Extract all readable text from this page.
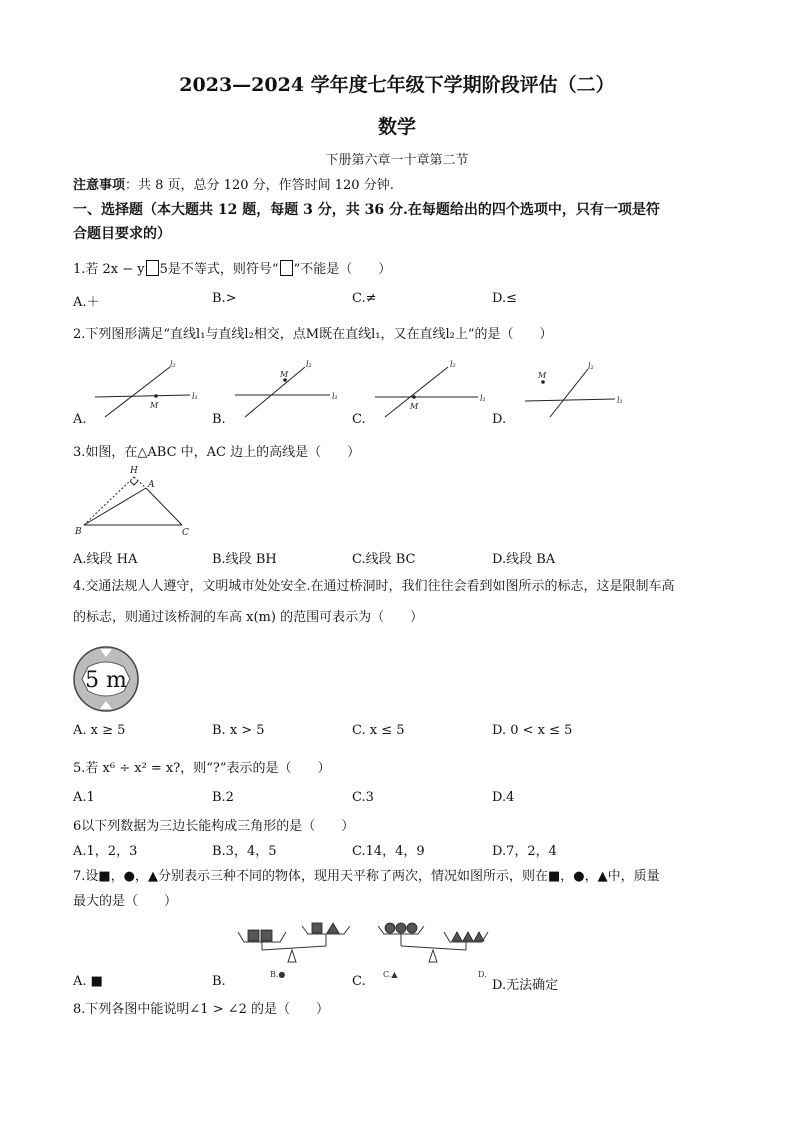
2023—2024 学年度七年级下学期阶段评估（二）
数学
下册第六章一十章第二节
注意事项：共 8 页，总分 120 分，作答时间 120 分钟.
一、选择题（本大题共 12 题，每题 3 分，共 36 分.在每题给出的四个选项中，只有一项是符
合题目要求的）
1.若 2x − y 5是不等式，则符号“ ”不能是（　　）
A.＋	B.>	C.≠	D.≤
2.下列图形满足“直线l₁与直线l₂相交，点M既在直线l₁，又在直线l₂上”的是（　　）
l₁
l₂
M
l₁
l₂
M
l₁
l₂
M
l₁
l₂
M
A.	B.	C.	D.
3.如图，在△ABC 中，AC 边上的高线是（　　）
H
A
B	C
A.线段 HA	B.线段 BH	C.线段 BC	D.线段 BA
4.交通法规人人遵守，文明城市处处安全.在通过桥洞时，我们往往会看到如图所示的标志，这是限制车高
的标志，则通过该桥洞的车高 x(m) 的范围可表示为（　　）
5 m
A. x ≥ 5	B. x > 5	C. x ≤ 5	D. 0 < x ≤ 5
5.若 x⁶ ÷ x² = x?，则“?”表示的是（　　）
A.1	B.2	C.3	D.4
6以下列数据为三边长能构成三角形的是（　　）
A.1，2，3	B.3，4，5	C.14，4，9	D.7，2，4
7.设■，●，▲分别表示三种不同的物体，现用天平称了两次，情况如图所示，则在■，●，▲中，质量
最大的是（　　）
B.●	C.▲	D.
A. ■	B.	C.	D.无法确定
8.下列各图中能说明∠1 > ∠2 的是（　　）
